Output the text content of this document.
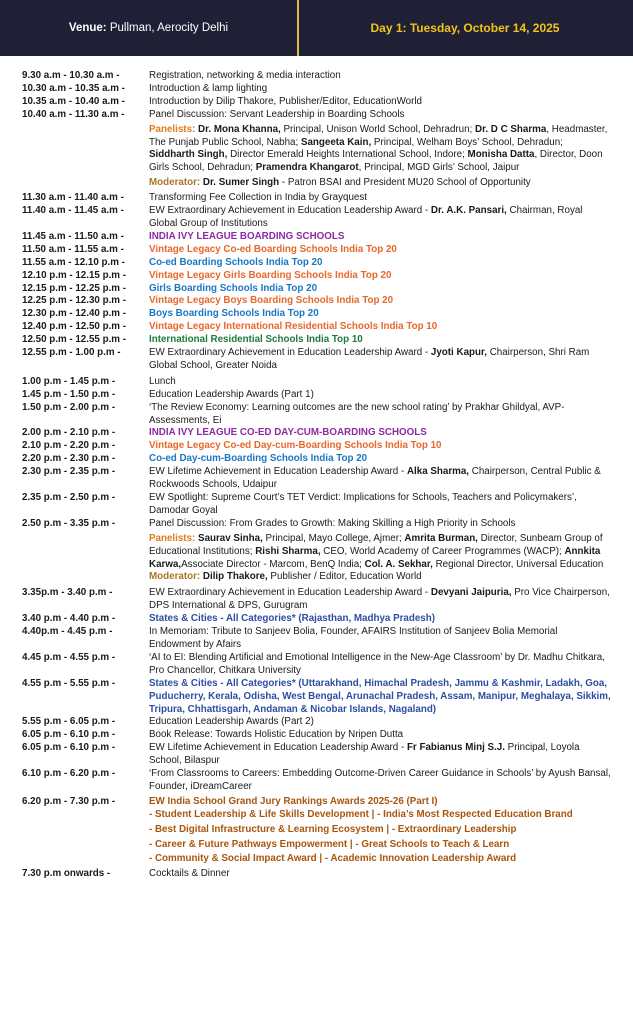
Venue: Pullman, Aerocity Delhi	Day 1: Tuesday, October 14, 2025
9.30 a.m - 10.30 a.m -	Registration, networking & media interaction
10.30 a.m - 10.35 a.m -	Introduction & lamp lighting
10.35 a.m - 10.40 a.m -	Introduction by Dilip Thakore, Publisher/Editor, EducationWorld
10.40 a.m - 11.30 a.m -	Panel Discussion: Servant Leadership in Boarding Schools
Panelists: Dr. Mona Khanna, Principal, Unison World School, Dehradrun; Dr. D C Sharma, Headmaster, The Punjab Public School, Nabha; Sangeeta Kain, Principal, Welham Boys’ School, Dehradun; Siddharth Singh, Director Emerald Heights International School, Indore; Monisha Datta, Director, Doon Girls School, Dehradun; Pramendra Khangarot, Principal, MGD Girls’ School, Jaipur
Moderator: Dr. Sumer Singh - Patron BSAI and President MU20 School of Opportunity
11.30 a.m - 11.40 a.m -	Transforming Fee Collection in India by Grayquest
11.40 a.m - 11.45 a.m -	EW Extraordinary Achievement in Education Leadership Award - Dr. A.K. Pansari, Chairman, Royal Global Group of Institutions
11.45 a.m - 11.50 a.m -	INDIA IVY LEAGUE BOARDING SCHOOLS
11.50 a.m - 11.55 a.m -	Vintage Legacy Co-ed Boarding Schools India Top 20
11.55 a.m - 12.10 p.m -	Co-ed Boarding Schools India Top 20
12.10 p.m - 12.15 p.m -	Vintage Legacy Girls Boarding Schools India Top 20
12.15 p.m - 12.25 p.m -	Girls Boarding Schools India Top 20
12.25 p.m - 12.30 p.m -	Vintage Legacy Boys Boarding Schools India Top 20
12.30 p.m - 12.40 p.m -	Boys Boarding Schools India Top 20
12.40 p.m - 12.50 p.m -	Vintage Legacy International Residential Schools India Top 10
12.50 p.m - 12.55 p.m -	International Residential Schools India Top 10
12.55 p.m - 1.00 p.m -	EW Extraordinary Achievement in Education Leadership Award - Jyoti Kapur, Chairperson, Shri Ram Global School, Greater Noida
1.00 p.m - 1.45 p.m -	Lunch
1.45 p.m - 1.50 p.m -	Education Leadership Awards (Part 1)
1.50 p.m - 2.00 p.m -	‘The Review Economy: Learning outcomes are the new school rating’ by Prakhar Ghildyal, AVP- Assessments, Ei
2.00 p.m - 2.10 p.m -	INDIA IVY LEAGUE CO-ED DAY-CUM-BOARDING SCHOOLS
2.10 p.m - 2.20 p.m -	Vintage Legacy Co-ed Day-cum-Boarding Schools India Top 10
2.20 p.m - 2.30 p.m -	Co-ed Day-cum-Boarding Schools India Top 20
2.30 p.m - 2.35 p.m -	EW Lifetime Achievement in Education Leadership Award - Alka Sharma, Chairperson, Central Public & Rockwoods Schools, Udaipur
2.35 p.m - 2.50 p.m -	EW Spotlight: Supreme Court’s TET Verdict: Implications for Schools, Teachers and Policymakers’, Damodar Goyal
2.50 p.m - 3.35 p.m -	Panel Discussion: From Grades to Growth: Making Skilling a High Priority in Schools
Panelists: Saurav Sinha, Principal, Mayo College, Ajmer; Amrita Burman, Director, Sunbeam Group of Educational Institutions; Rishi Sharma, CEO, World Academy of Career Programmes (WACP); Annkita Karwa,Associate Director - Marcom, BenQ India; Col. A. Sekhar, Regional Director, Universal Education
Moderator: Dilip Thakore, Publisher / Editor, Education World
3.35p.m - 3.40 p.m -	EW Extraordinary Achievement in Education Leadership Award - Devyani Jaipuria, Pro Vice Chairperson, DPS International & DPS, Gurugram
3.40 p.m - 4.40 p.m -	States & Cities - All Categories* (Rajasthan, Madhya Pradesh)
4.40p.m - 4.45 p.m -	In Memoriam: Tribute to Sanjeev Bolia, Founder, AFAIRS Institution of Sanjeev Bolia Memorial Endowment by Afairs
4.45 p.m - 4.55 p.m -	‘AI to EI: Blending Artificial and Emotional Intelligence in the New-Age Classroom’ by Dr. Madhu Chitkara, Pro Chancellor, Chitkara University
4.55 p.m - 5.55 p.m -	States & Cities - All Categories* (Uttarakhand, Himachal Pradesh, Jammu & Kashmir, Ladakh, Goa, Puducherry, Kerala, Odisha, West Bengal, Arunachal Pradesh, Assam, Manipur, Meghalaya, Sikkim, Tripura, Chhattisgarh, Andaman & Nicobar Islands, Nagaland)
5.55 p.m - 6.05 p.m -	Education Leadership Awards (Part 2)
6.05 p.m - 6.10 p.m -	Book Release: Towards Holistic Education by Nripen Dutta
6.05 p.m - 6.10 p.m -	EW Lifetime Achievement in Education Leadership Award - Fr Fabianus Minj S.J. Principal, Loyola School, Bilaspur
6.10 p.m - 6.20 p.m -	‘From Classrooms to Careers: Embedding Outcome-Driven Career Guidance in Schools’ by Ayush Bansal, Founder, iDreamCareer
6.20 p.m - 7.30 p.m -	EW India School Grand Jury Rankings Awards 2025-26 (Part I)
- Student Leadership & Life Skills Development | - India’s Most Respected Education Brand
- Best Digital Infrastructure & Learning Ecosystem | - Extraordinary Leadership
- Career & Future Pathways Empowerment | - Great Schools to Teach & Learn
- Community & Social Impact Award | - Academic Innovation Leadership Award
7.30 p.m onwards -	Cocktails & Dinner
